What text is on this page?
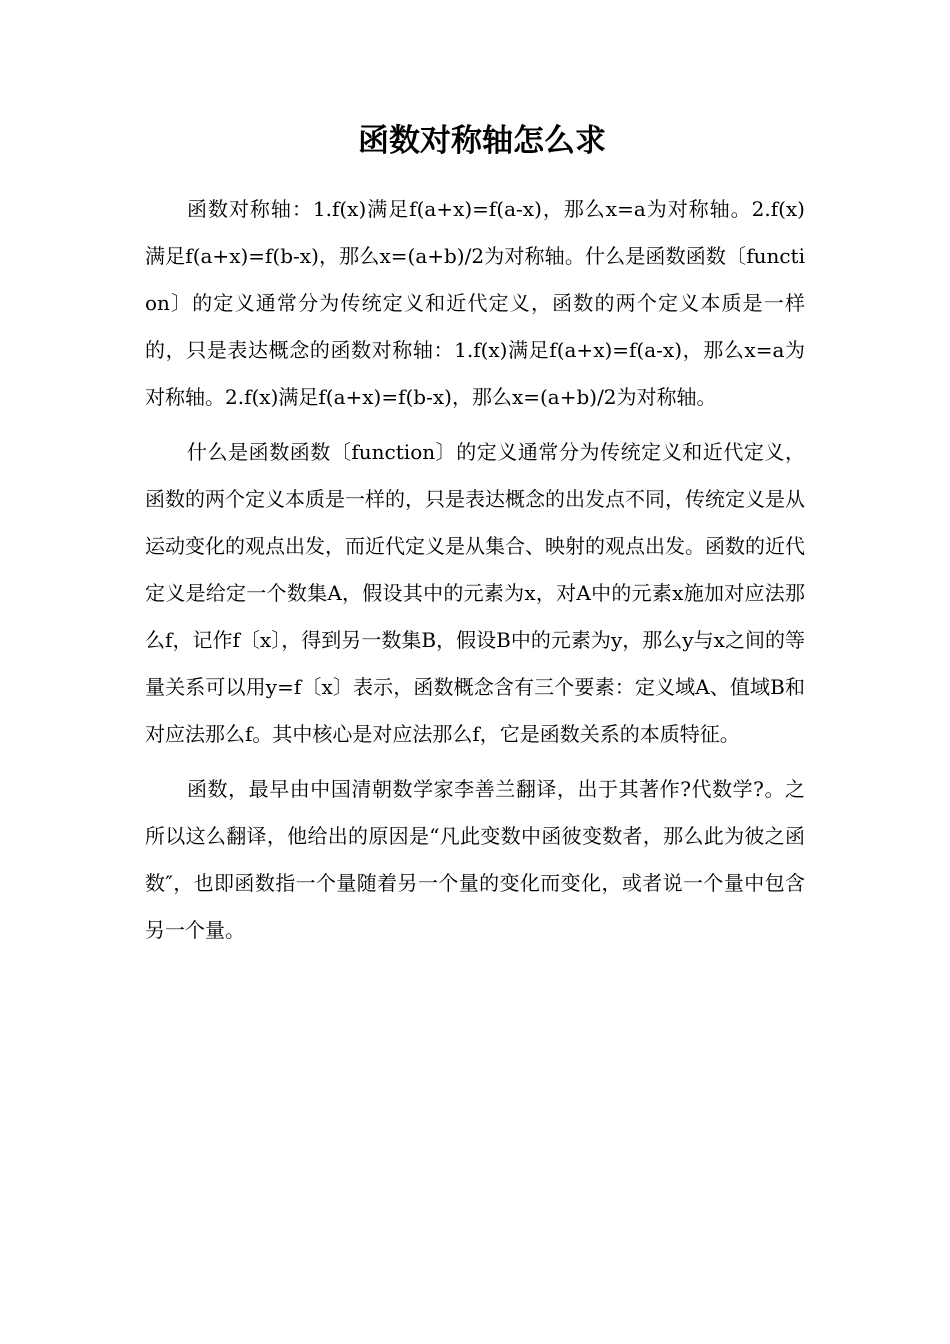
函数对称轴怎么求

函数对称轴：1.f(x)满足f(a+x)=f(a-x)，那么x=a为对称轴。2.f(x)满足f(a+x)=f(b-x)，那么x=(a+b)/2为对称轴。什么是函数函数〔function〕的定义通常分为传统定义和近代定义，函数的两个定义本质是一样的，只是表达概念的函数对称轴：1.f(x)满足f(a+x)=f(a-x)，那么x=a为对称轴。2.f(x)满足f(a+x)=f(b-x)，那么x=(a+b)/2为对称轴。

什么是函数函数〔function〕的定义通常分为传统定义和近代定义，函数的两个定义本质是一样的，只是表达概念的出发点不同，传统定义是从运动变化的观点出发，而近代定义是从集合、映射的观点出发。函数的近代定义是给定一个数集A，假设其中的元素为x，对A中的元素x施加对应法那么f，记作f〔x〕，得到另一数集B，假设B中的元素为y，那么y与x之间的等量关系可以用y=f〔x〕表示，函数概念含有三个要素：定义域A、值域B和对应法那么f。其中核心是对应法那么f，它是函数关系的本质特征。

函数，最早由中国清朝数学家李善兰翻译，出于其著作?代数学?。之所以这么翻译，他给出的原因是“凡此变数中函彼变数者，那么此为彼之函数″，也即函数指一个量随着另一个量的变化而变化，或者说一个量中包含另一个量。
